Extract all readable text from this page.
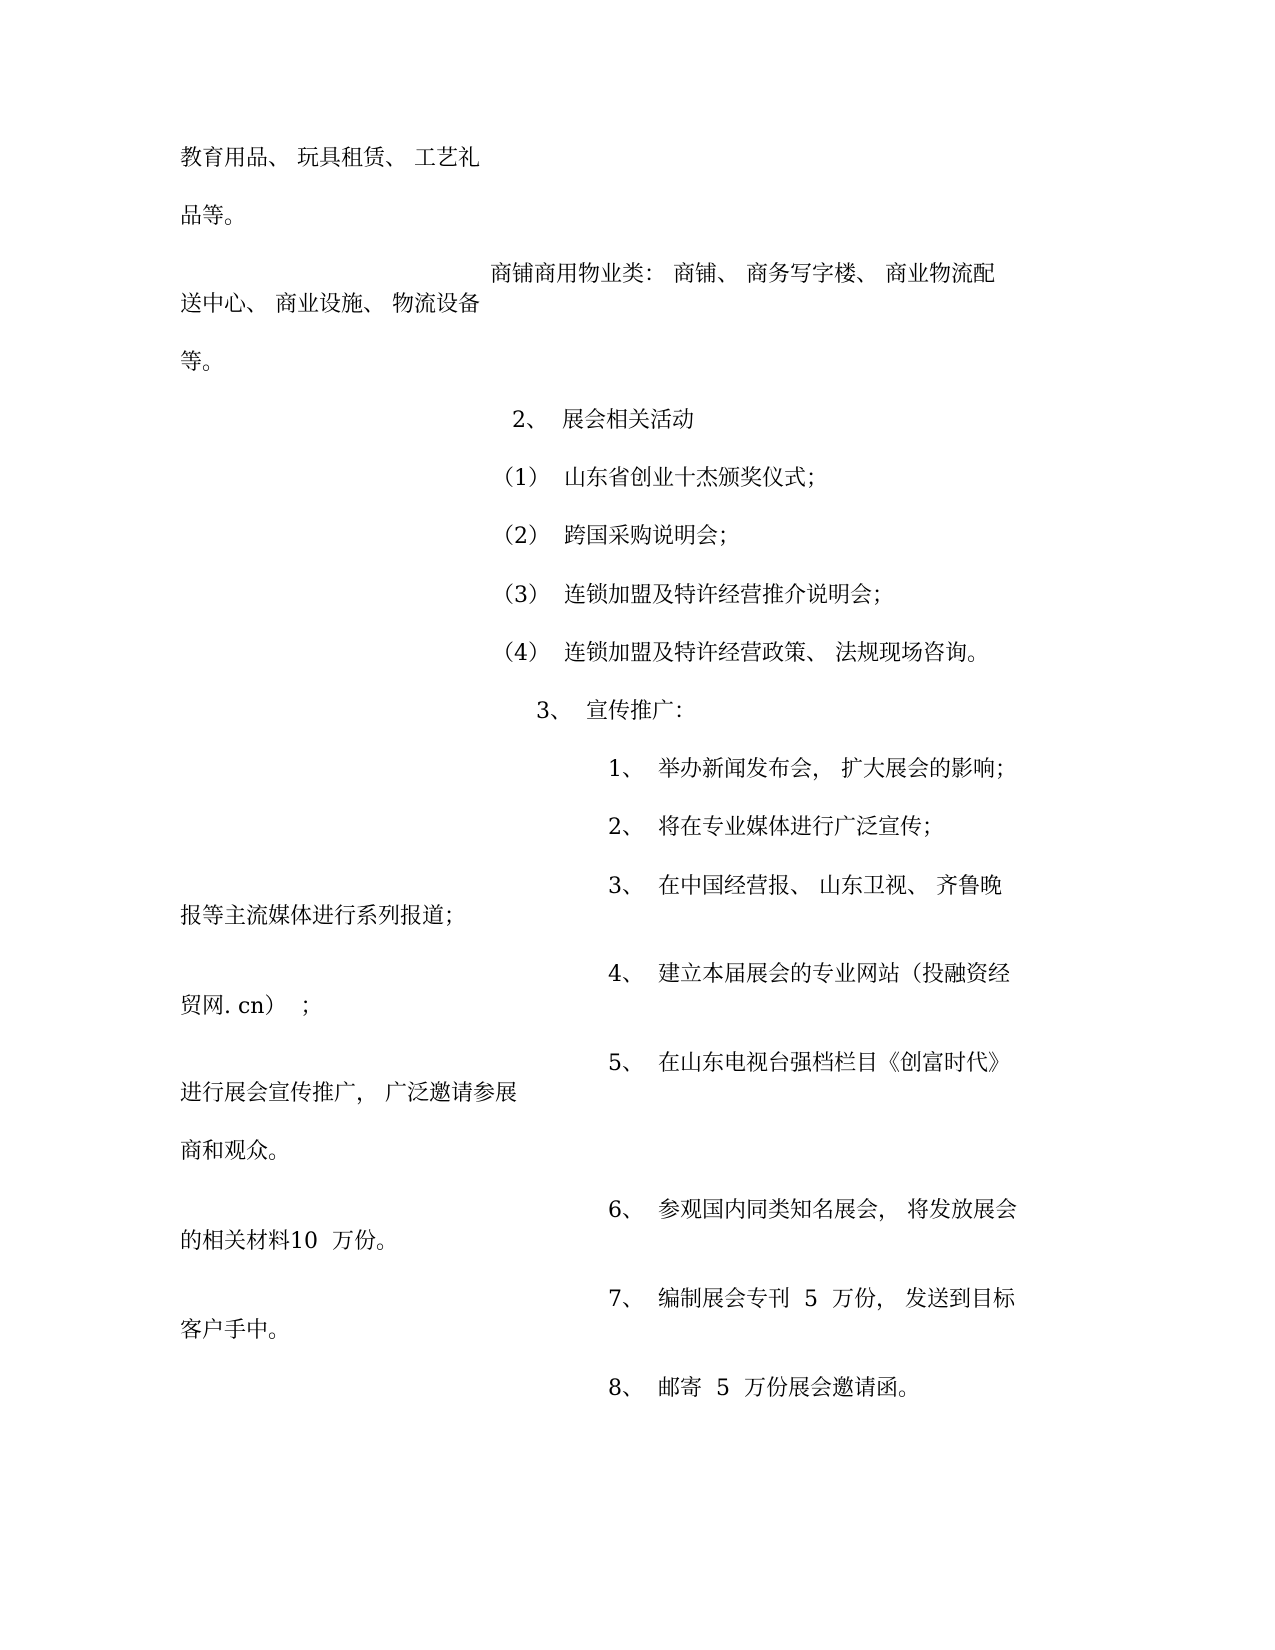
教育用品、 玩具租赁、 工艺礼

品等。

商铺商用物业类： 商铺、 商务写字楼、 商业物流配

送中心、 商业设施、 物流设备

等。

2、  展会相关活动

（1）  山东省创业十杰颁奖仪式；

（2）  跨国采购说明会；

（3）  连锁加盟及特许经营推介说明会；

（4）  连锁加盟及特许经营政策、 法规现场咨询。

3、  宣传推广：

1、  举办新闻发布会， 扩大展会的影响；

2、  将在专业媒体进行广泛宣传；

3、  在中国经营报、 山东卫视、 齐鲁晚

报等主流媒体进行系列报道；

4、  建立本届展会的专业网站（投融资经

贸网. cn）  ；

5、  在山东电视台强档栏目《创富时代》

进行展会宣传推广， 广泛邀请参展

商和观众。

6、  参观国内同类知名展会， 将发放展会

的相关材料10  万份。

7、  编制展会专刊  5  万份， 发送到目标

客户手中。

8、  邮寄  5  万份展会邀请函。
